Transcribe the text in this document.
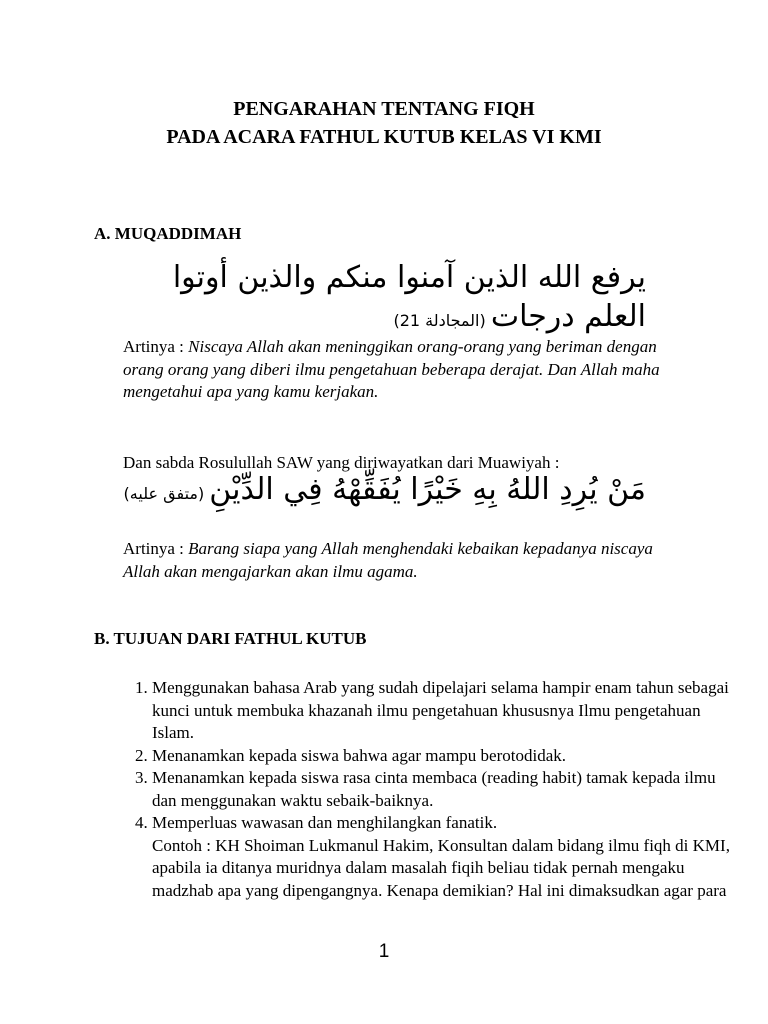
PENGARAHAN TENTANG FIQH
PADA ACARA FATHUL KUTUB KELAS VI KMI
A. MUQADDIMAH
يرفع الله الذين آمنوا منكم والذين أوتوا
العلم درجات (المجادلة 21)
Artinya : Niscaya Allah akan meninggikan orang-orang yang beriman dengan orang orang yang diberi ilmu pengetahuan beberapa derajat. Dan Allah maha mengetahui apa yang kamu kerjakan.
Dan sabda Rosulullah SAW yang diriwayatkan dari Muawiyah :
مَنْ يُرِدِ اللهُ بِهِ خَيْرًا يُفَقِّهْهُ فِي الدِّيْنِ (متفق عليه)
Artinya : Barang siapa yang Allah menghendaki kebaikan kepadanya niscaya Allah akan mengajarkan akan ilmu agama.
B. TUJUAN DARI FATHUL KUTUB
1. Menggunakan bahasa Arab yang sudah dipelajari selama hampir enam tahun sebagai kunci untuk membuka khazanah ilmu pengetahuan khususnya Ilmu pengetahuan Islam.
2. Menanamkan kepada siswa bahwa agar mampu berotodidak.
3. Menanamkan kepada siswa rasa cinta membaca (reading habit) tamak kepada ilmu dan menggunakan waktu sebaik-baiknya.
4. Memperluas wawasan dan menghilangkan fanatik.
Contoh : KH Shoiman Lukmanul Hakim, Konsultan dalam bidang ilmu fiqh di KMI, apabila ia ditanya muridnya dalam masalah fiqih beliau tidak pernah mengaku madzhab apa yang dipengangnya. Kenapa demikian? Hal ini dimaksudkan agar para
1
